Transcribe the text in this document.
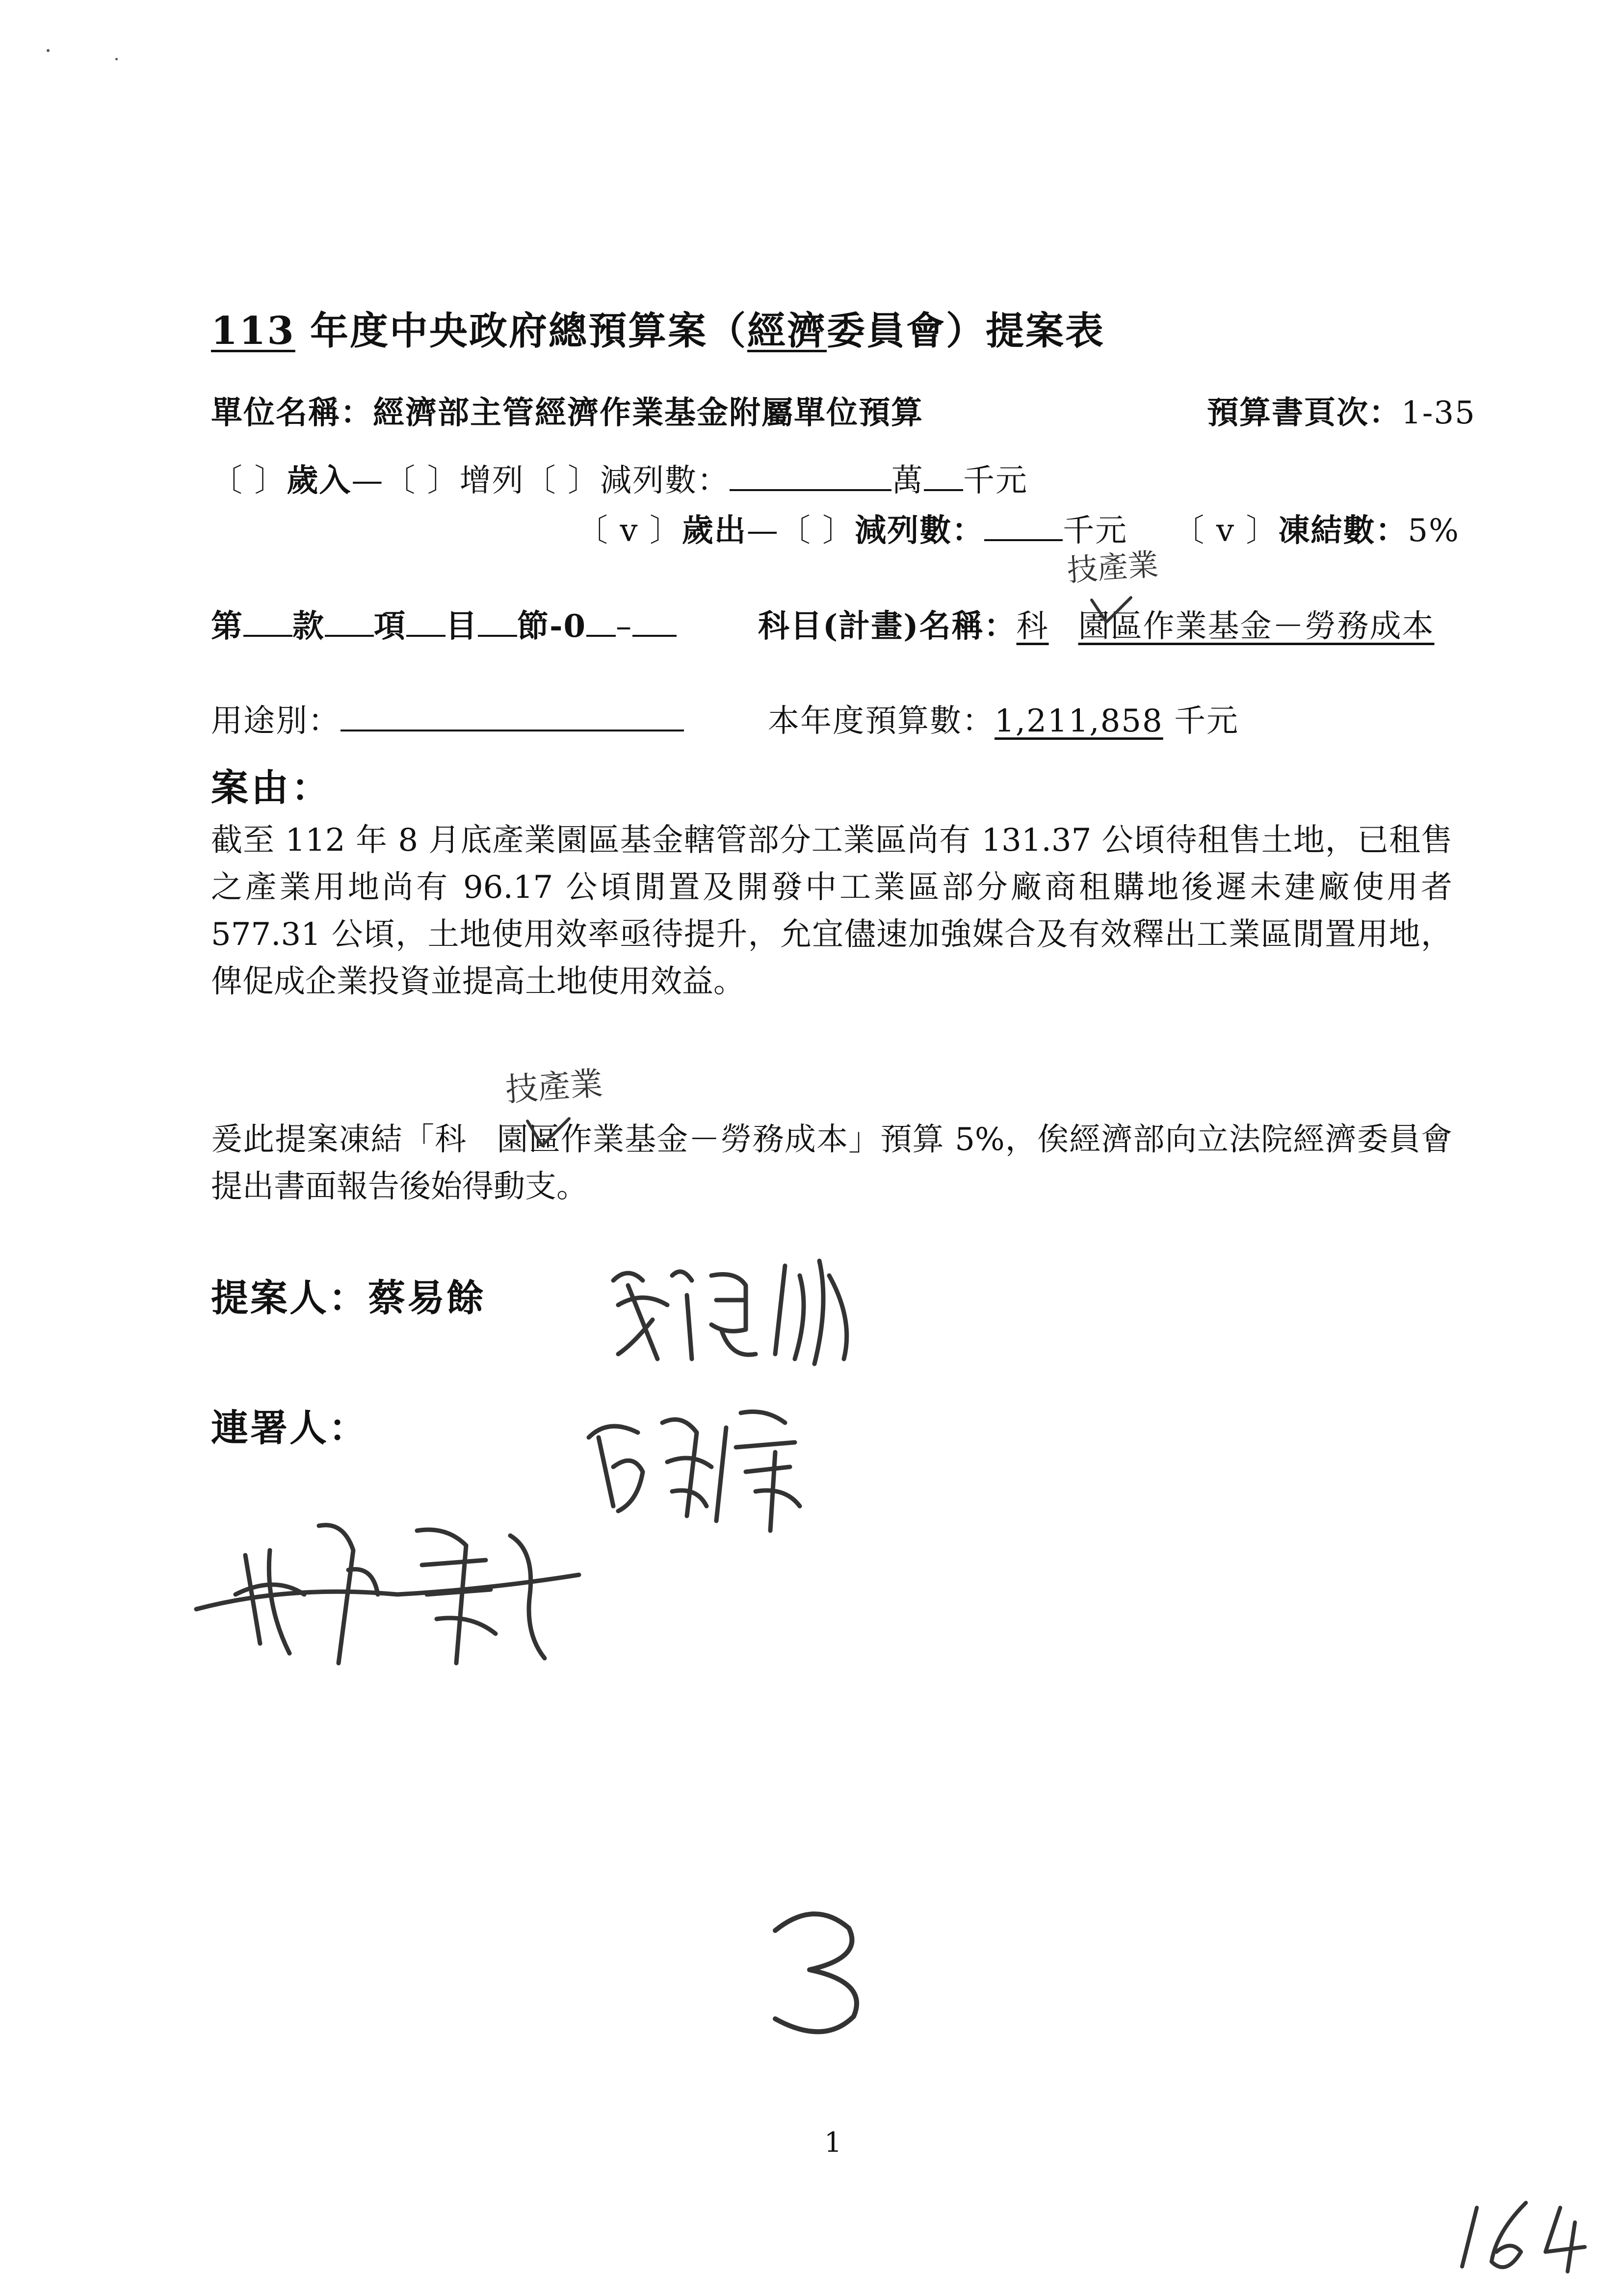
113 年度中央政府總預算案（經濟委員會）提案表
單位名稱：經濟部主管經濟作業基金附屬單位預算	預算書頁次：1-35
〔 〕歲入—〔 〕增列〔 〕減列數：	萬 千元
〔 v 〕歲出—〔 〕減列數：	千元 〔 v 〕凍結數：5%
第 款 項 目 節-0 –	科目(計畫)名稱：科 園區作業基金－勞務成本
技產業
用途別：	本年度預算數：1,211,858 千元
案由：
截至 112 年 8 月底產業園區基金轄管部分工業區尚有 131.37 公頃待租售土地，已租售之產業用地尚有 96.17 公頃閒置及開發中工業區部分廠商租購地後遲未建廠使用者 577.31 公頃，土地使用效率亟待提升，允宜儘速加強媒合及有效釋出工業區閒置用地，俾促成企業投資並提高土地使用效益。
爰此提案凍結「科 園區作業基金－勞務成本」預算 5%，俟經濟部向立法院經濟委員會提出書面報告後始得動支。
技產業
提案人：蔡易餘
連署人：
3
1
164
